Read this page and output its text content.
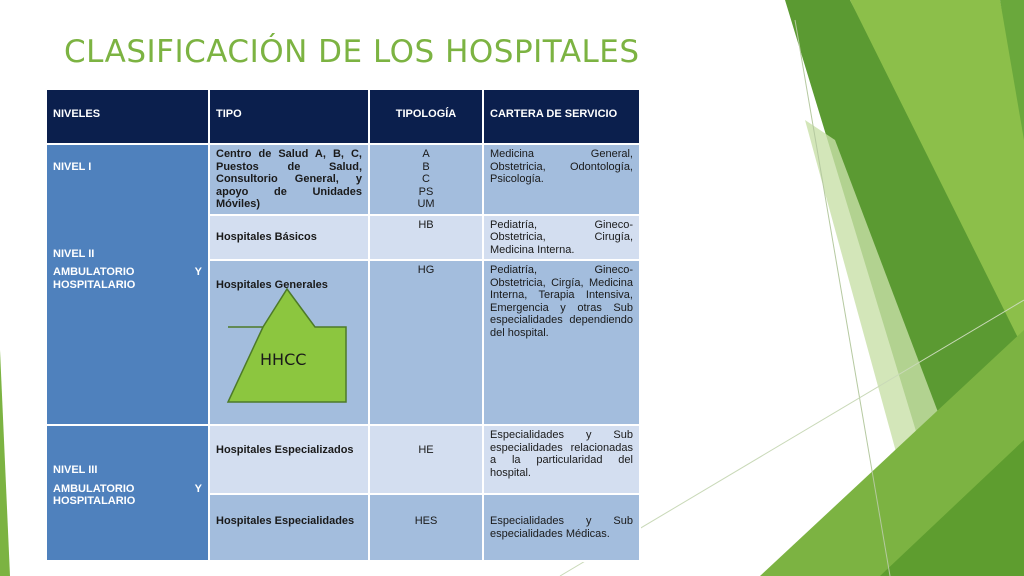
CLASIFICACIÓN DE LOS HOSPITALES
NIVELES	TIPO	TIPOLOGÍA	CARTERA DE SERVICIO

NIVEL I
NIVEL II
AMBULATORIO Y HOSPITALARIO	Centro de Salud A, B, C, Puestos de Salud, Consultorio General, y apoyo de Unidades Móviles)	A
B
C
PS
UM	Medicina General, Obstetricia, Odontología, Psicología.
	Hospitales Básicos	HB	Pediatría, Gineco-Obstetricia, Cirugía, Medicina Interna.
	Hospitales Generales	HG	Pediatría, Gineco-Obstetricia, Cirgía, Medicina Interna, Terapia Intensiva, Emergencia y otras Sub especialidades dependiendo del hospital.

NIVEL III
AMBULATORIO Y HOSPITALARIO	Hospitales Especializados	HE	Especialidades y Sub especialidades relacionadas a la particularidad del hospital.
	Hospitales Especialidades	HES	Especialidades y Sub especialidades Médicas.
HHCC
